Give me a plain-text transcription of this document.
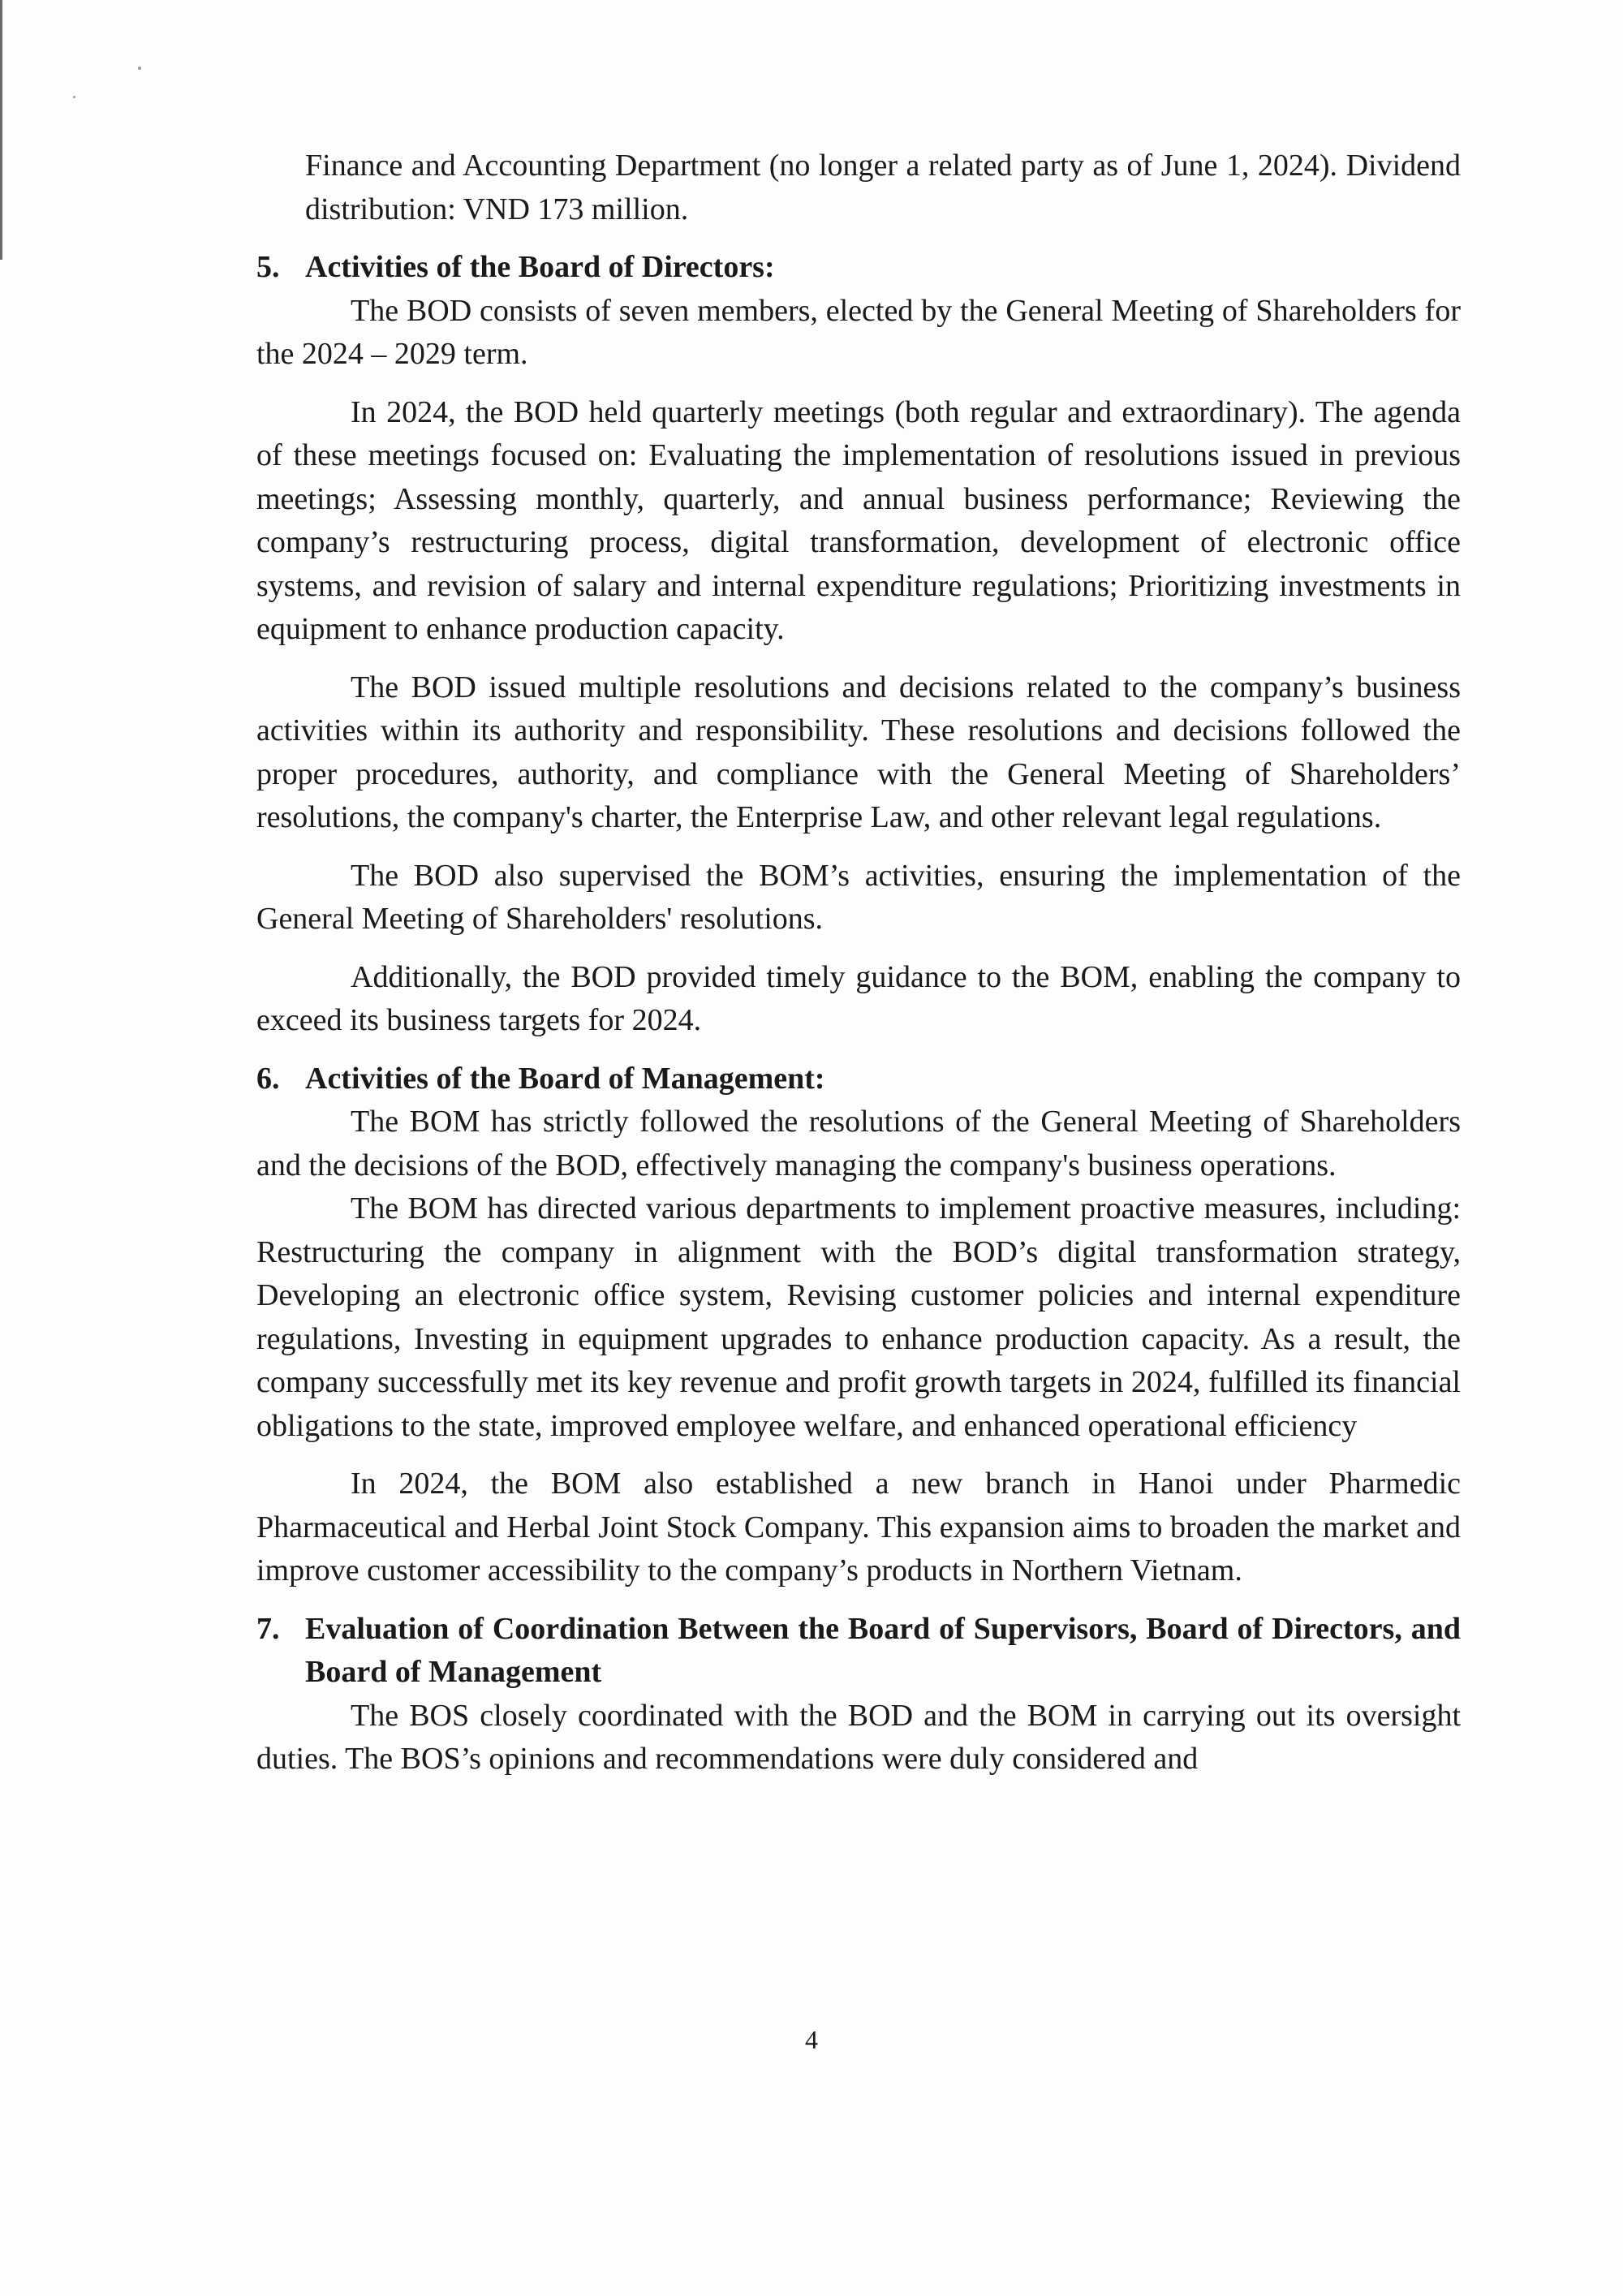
Finance and Accounting Department (no longer a related party as of June 1, 2024). Dividend distribution: VND 173 million.

5. Activities of the Board of Directors:

The BOD consists of seven members, elected by the General Meeting of Shareholders for the 2024 – 2029 term.

In 2024, the BOD held quarterly meetings (both regular and extraordinary). The agenda of these meetings focused on: Evaluating the implementation of resolutions issued in previous meetings; Assessing monthly, quarterly, and annual business performance; Reviewing the company’s restructuring process, digital transformation, development of electronic office systems, and revision of salary and internal expenditure regulations; Prioritizing investments in equipment to enhance production capacity.

The BOD issued multiple resolutions and decisions related to the company’s business activities within its authority and responsibility. These resolutions and decisions followed the proper procedures, authority, and compliance with the General Meeting of Shareholders’ resolutions, the company's charter, the Enterprise Law, and other relevant legal regulations.

The BOD also supervised the BOM’s activities, ensuring the implementation of the General Meeting of Shareholders' resolutions.

Additionally, the BOD provided timely guidance to the BOM, enabling the company to exceed its business targets for 2024.

6. Activities of the Board of Management:

The BOM has strictly followed the resolutions of the General Meeting of Shareholders and the decisions of the BOD, effectively managing the company's business operations.

The BOM has directed various departments to implement proactive measures, including: Restructuring the company in alignment with the BOD’s digital transformation strategy, Developing an electronic office system, Revising customer policies and internal expenditure regulations, Investing in equipment upgrades to enhance production capacity. As a result, the company successfully met its key revenue and profit growth targets in 2024, fulfilled its financial obligations to the state, improved employee welfare, and enhanced operational efficiency

In 2024, the BOM also established a new branch in Hanoi under Pharmedic Pharmaceutical and Herbal Joint Stock Company. This expansion aims to broaden the market and improve customer accessibility to the company’s products in Northern Vietnam.

7. Evaluation of Coordination Between the Board of Supervisors, Board of Directors, and Board of Management

The BOS closely coordinated with the BOD and the BOM in carrying out its oversight duties. The BOS’s opinions and recommendations were duly considered and

4
